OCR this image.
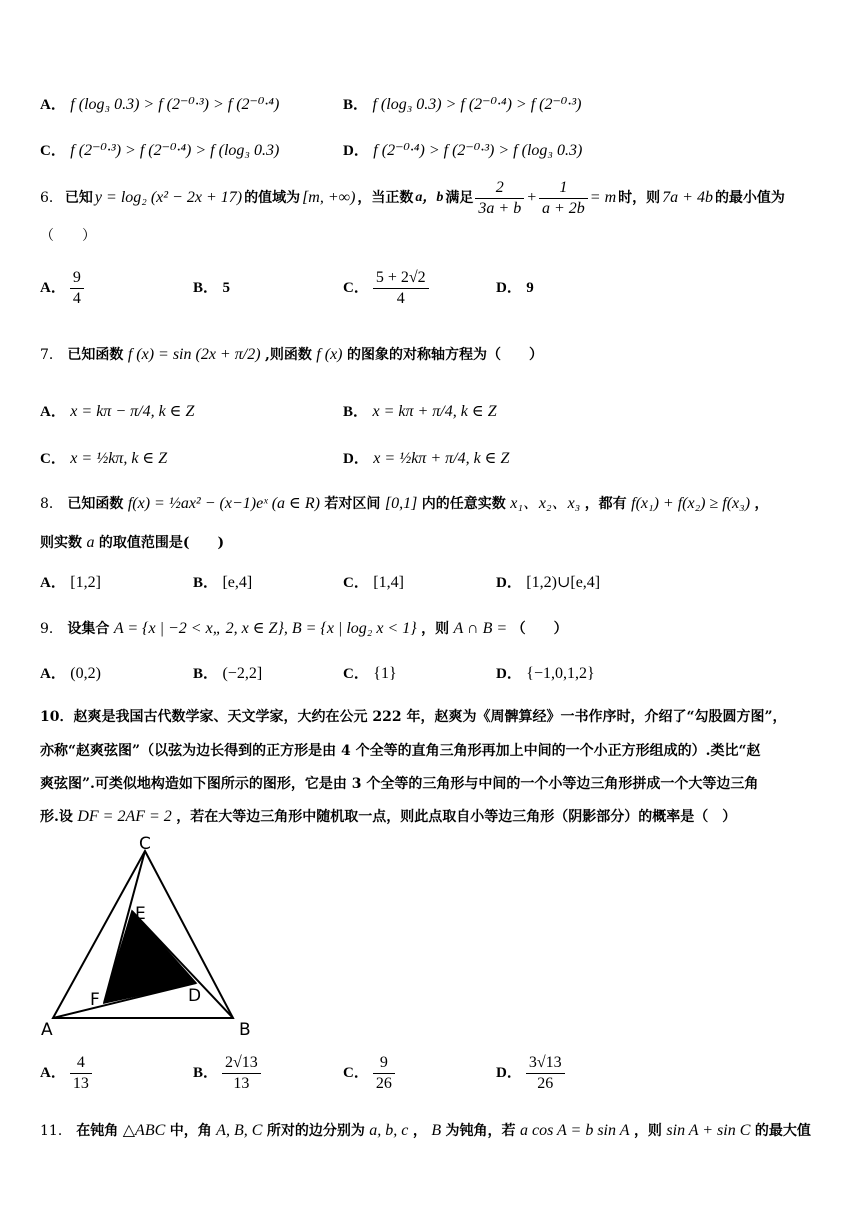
A． f (log₃ 0.3) > f (2⁻⁰·³) > f (2⁻⁰·⁴)	B． f (log₃ 0.3) > f (2⁻⁰·⁴) > f (2⁻⁰·³)
C． f (2⁻⁰·³) > f (2⁻⁰·⁴) > f (log₃ 0.3)	D． f (2⁻⁰·⁴) > f (2⁻⁰·³) > f (log₃ 0.3)
6． 已知 y = log₂ (x² − 2x + 17) 的值域为 [m, +∞) ，当正数 a，b 满足 $\frac{2}{3a + b} + \frac{1}{a + 2b} = m$ 时，则 7a + 4b 的最小值为
（　　）
A． $\frac{9}{4}$	B． 5	C． $\frac{5 + 2√2}{4}$	D． 9
7． 已知函数 f (x) = sin (2x + π/2) ,则函数 f (x) 的图象的对称轴方程为（　　）
A． x = kπ − π/4, k ∈ Z	B． x = kπ + π/4, k ∈ Z
C． x = ½kπ, k ∈ Z	D． x = ½kπ + π/4, k ∈ Z
8． 已知函数 f(x) = ½ax² − (x−1)eˣ (a ∈ R) 若对区间 [0,1] 内的任意实数 x₁、x₂、x₃ ，都有 f(x₁) + f(x₂) ≥ f(x₃) ，
则实数 a 的取值范围是(　　)
A． [1,2]	B． [e,4]	C． [1,4]	D． [1,2)∪[e,4]
9． 设集合 A = {x | −2 < x„ 2, x ∈ Z}, B = {x | log₂ x < 1} ，则 A ∩ B = （　　）
A． (0,2)	B． (−2,2]	C． {1}	D． {−1,0,1,2}
10．赵爽是我国古代数学家、天文学家，大约在公元 222 年，赵爽为《周髀算经》一书作序时，介绍了“勾股圆方图”，
亦称“赵爽弦图”（以弦为边长得到的正方形是由 4 个全等的直角三角形再加上中间的一个小正方形组成的）.类比“赵
爽弦图”.可类似地构造如下图所示的图形，它是由 3 个全等的三角形与中间的一个小等边三角形拼成一个大等边三角
形.设 DF = 2AF = 2 ，若在大等边三角形中随机取一点，则此点取自小等边三角形（阴影部分）的概率是（　）
C
E
D
F
A	B
A． $\frac{4}{13}$	B． $\frac{2√13}{13}$	C． $\frac{9}{26}$	D． $\frac{3√13}{26}$
11． 在钝角 △ABC 中，角 A, B, C 所对的边分别为 a, b, c ， B 为钝角，若 a cos A = b sin A ，则 sin A + sin C 的最大值
